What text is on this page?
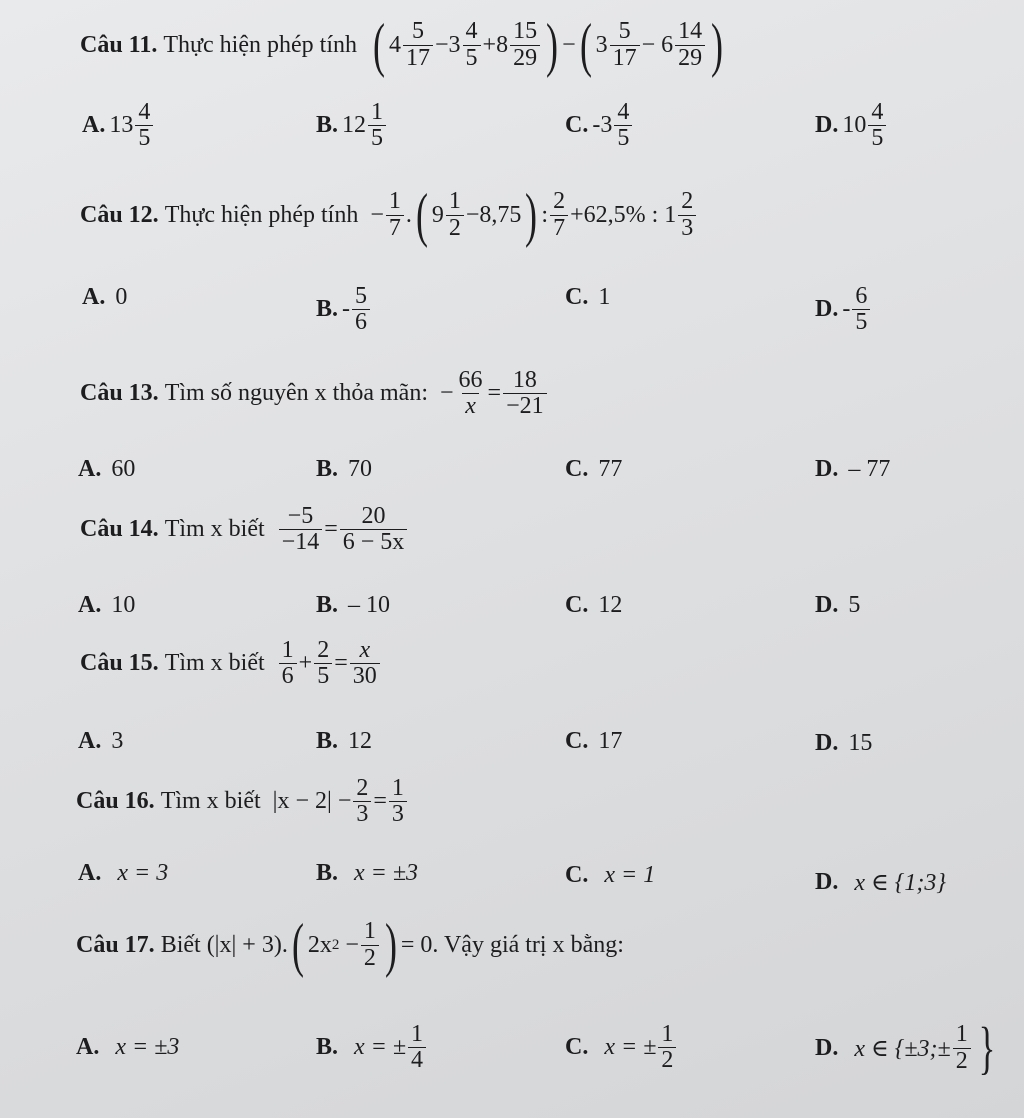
Câu 11.
Thực hiện phép tính
( 4
5
17 − 3
4
5 + 8
15
29 ) − ( 3
5
17 − 6
14
29 )
A. 13
4
5	B. 12
1
5	C. -3
4
5	D. 10
4
5
Câu 12.
Thực hiện phép tính
−
1
7 . ( 9
1
2 − 8,75 ) :
2
7 + 62,5% : 1
2
3
A.
0	B. -
5
6
C.
1	D. -
6
5
Câu 13.
Tìm số nguyên x thỏa mãn:
−
66
x =
18
−21
A.
60	B.
70	C.
77	D.
– 77
Câu 14.
Tìm x biết

−5
−14 =
20
6 − 5x
A.
10	B.
– 10	C.
12	D.
5
Câu 15.
Tìm x biết

1
6 +
2
5 =
x
30
A.
3	B.
12	C.
17	D.
15
Câu 16.
Tìm x biết
|x − 2| −
2
3 =
1
3
A.
x = 3	B.
x = ±3	C.
x = 1	D.
x ∈ {1;3}
Câu 17.
Biết
(|x| + 3). ( 2x 2 −
1
2 ) = 0 . Vậy giá trị x bằng:
A.
x = ±3	B.
x = ± $\frac{1}{4}$	C.
x = ± $\frac{1}{2}$	D.
x ∈ {±3;± $\frac{1}{2}$ }
